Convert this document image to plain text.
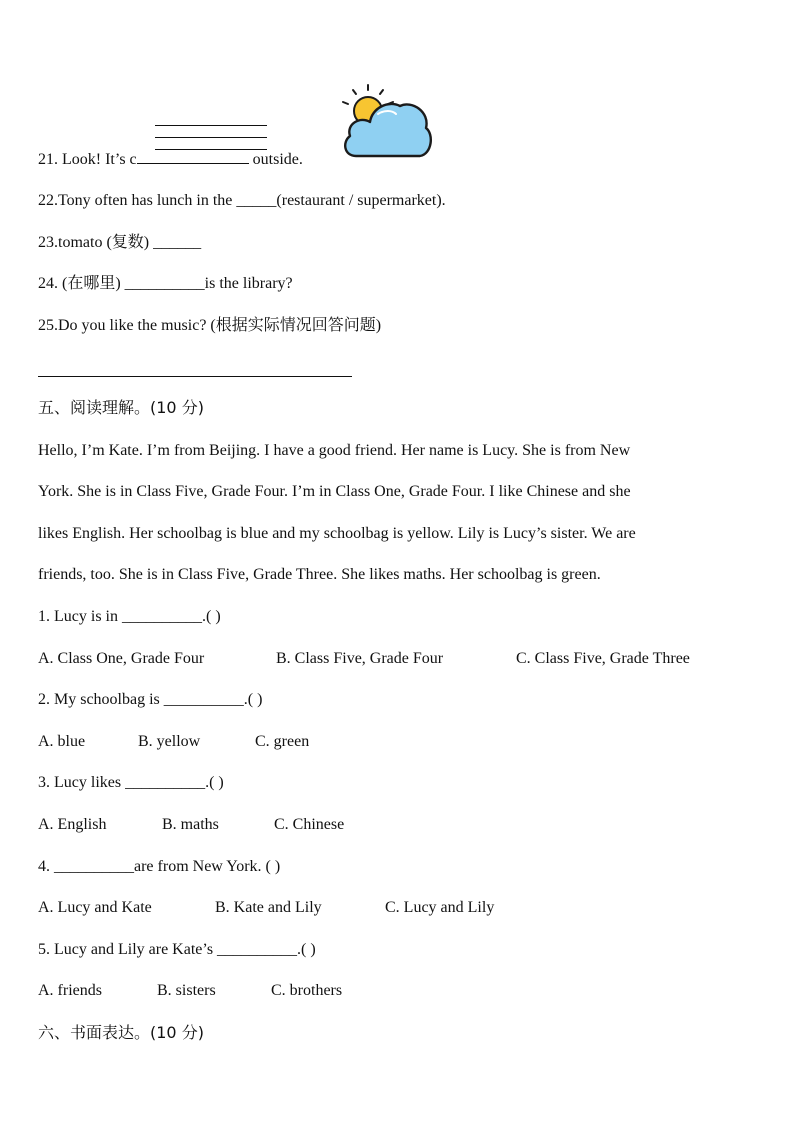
21. Look! It’s c	outside.
22.Tony often has lunch in the _____(restaurant / supermarket).
23.tomato (复数) ______
24. (在哪里) __________is the library?
25.Do you like the music? (根据实际情况回答问题)
五、阅读理解。(10 分)
Hello, I’m Kate. I’m from Beijing. I have a good friend. Her name is Lucy. She is from New
York. She is in Class Five, Grade Four. I’m in Class One, Grade Four. I like Chinese and she
likes English. Her schoolbag is blue and my schoolbag is yellow. Lily is Lucy’s sister. We are
friends, too. She is in Class Five, Grade Three. She likes maths. Her schoolbag is green.
1. Lucy is in __________.( )
A. Class One, Grade Four	B. Class Five, Grade Four	C. Class Five, Grade Three
2. My schoolbag is __________.( )
A. blue	B. yellow	C. green
3. Lucy likes __________.( )
A. English	B. maths	C. Chinese
4. __________are from New York. ( )
A. Lucy and Kate	B. Kate and Lily	C. Lucy and Lily
5. Lucy and Lily are Kate’s __________.( )
A. friends	B. sisters	C. brothers
六、书面表达。(10 分)
